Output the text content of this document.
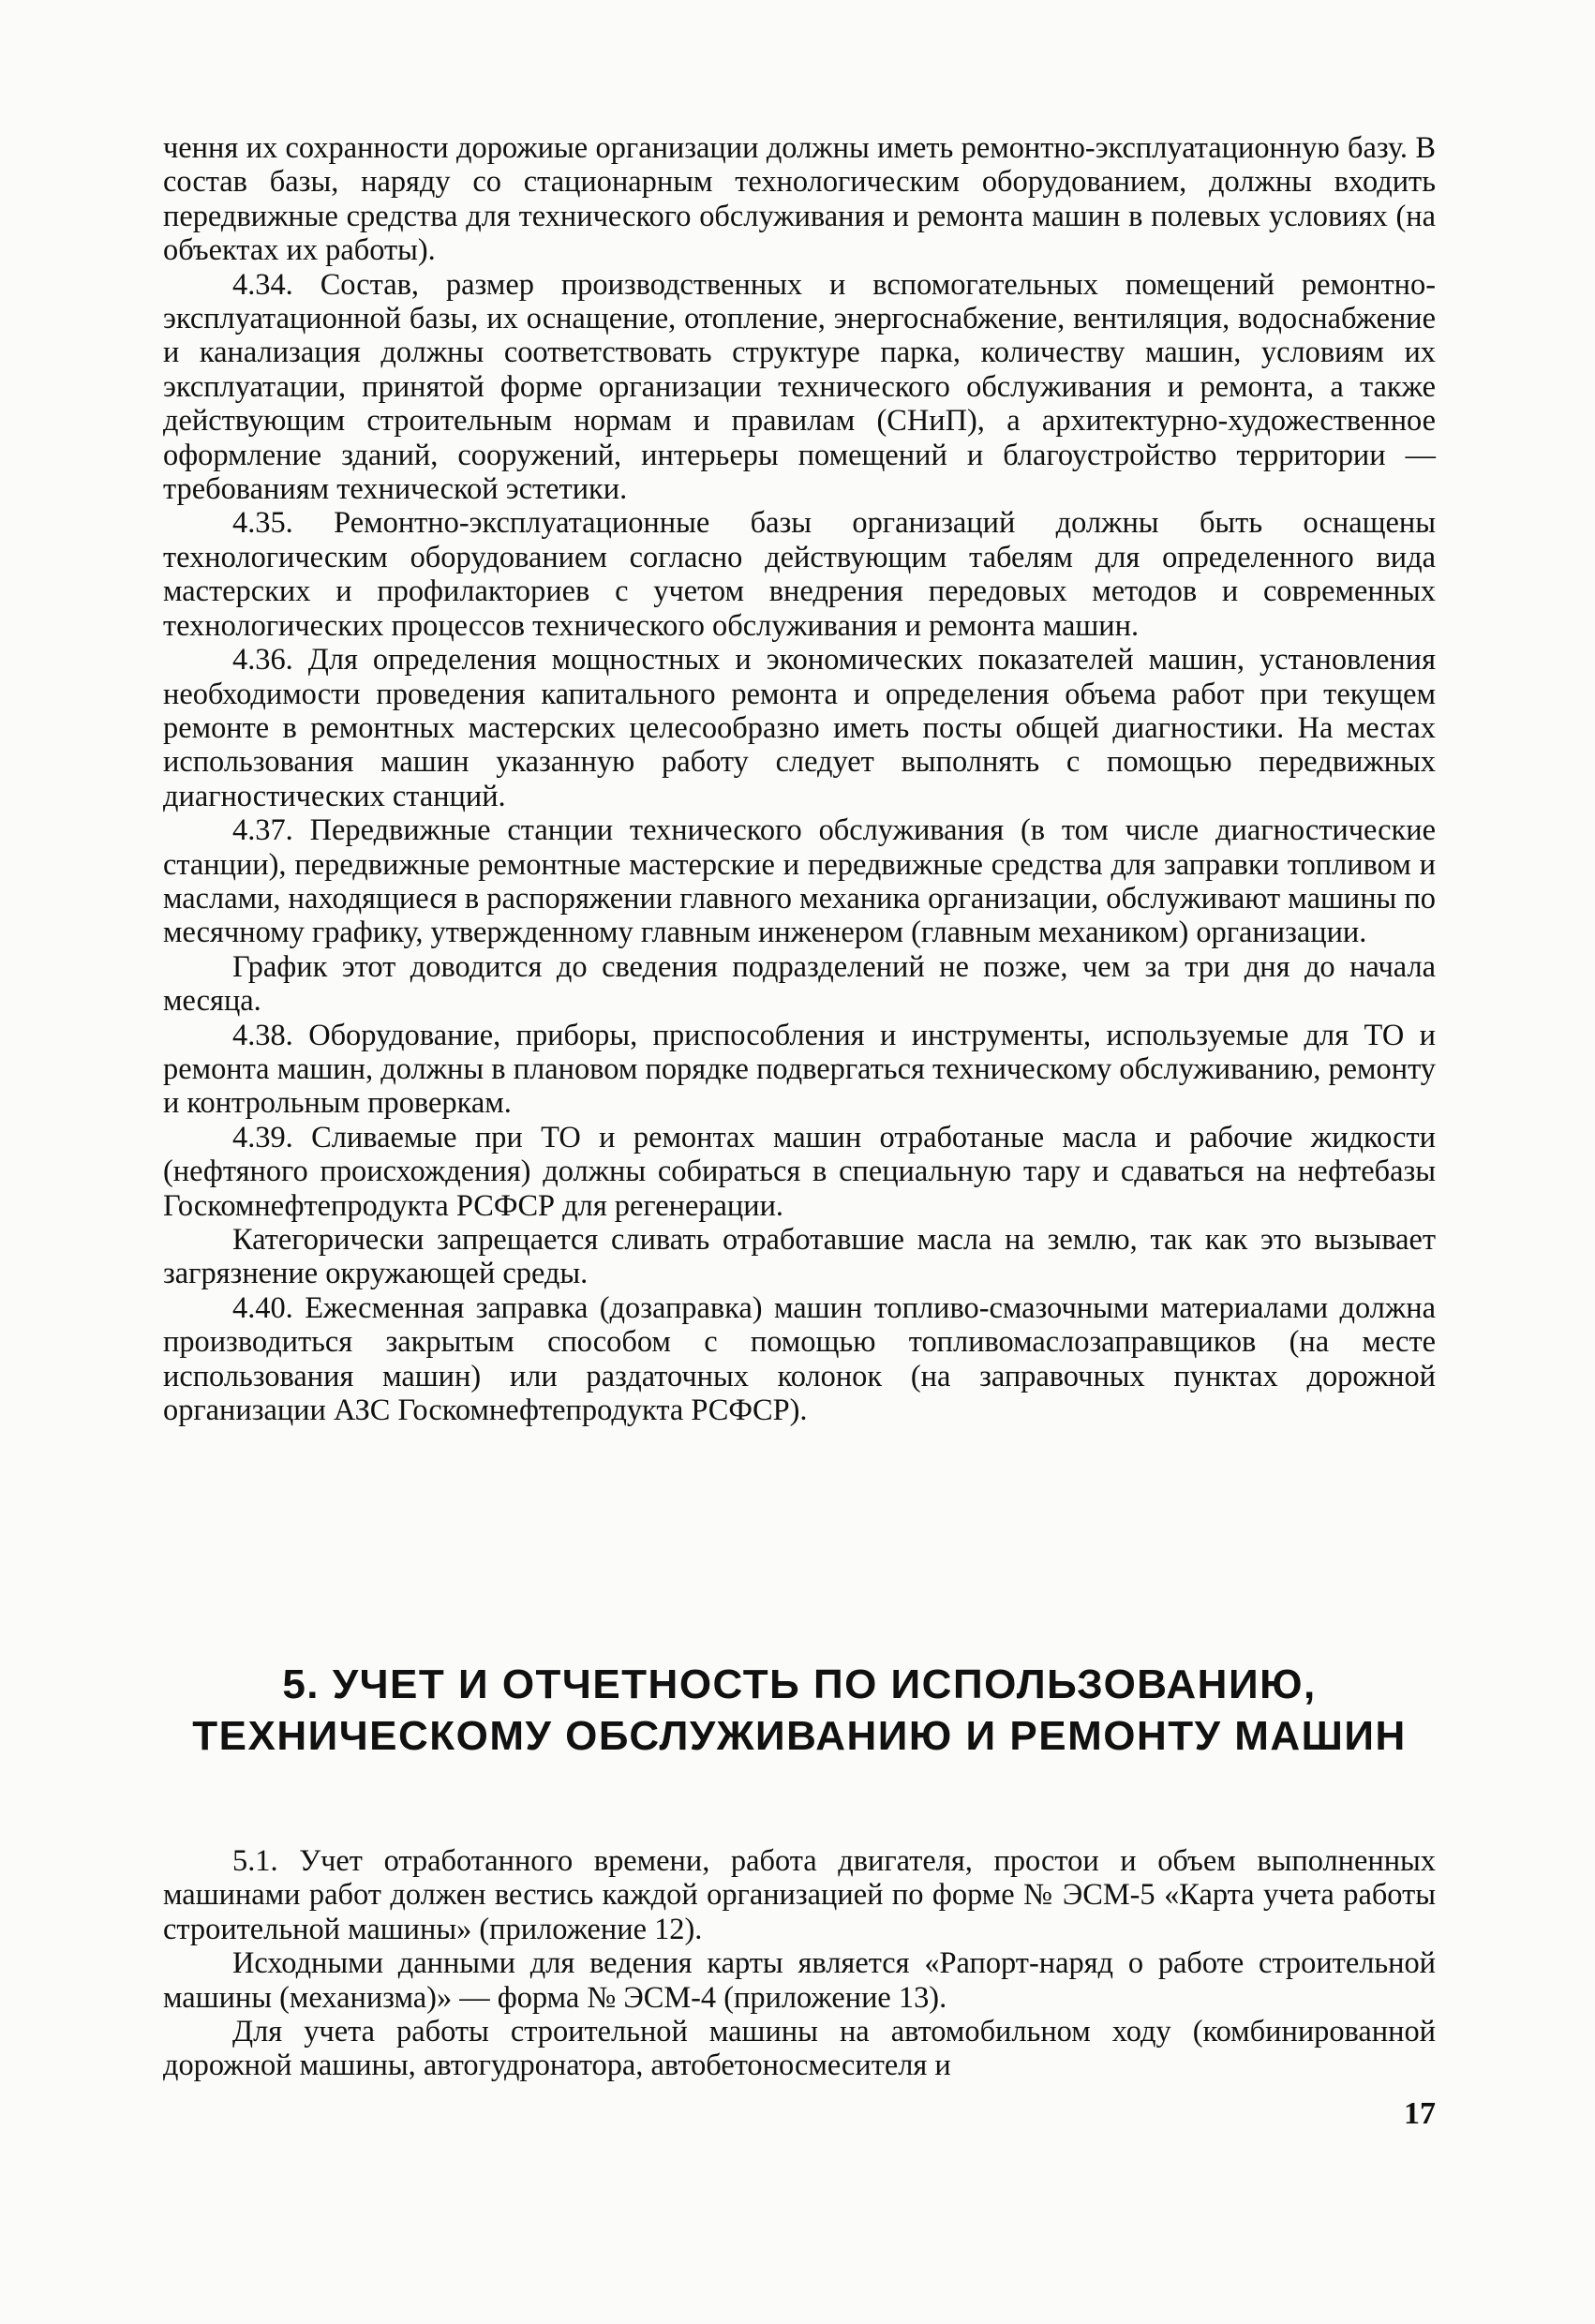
чення их сохранности дорожиые организации должны иметь ремонтно-эксплуатационную базу. В состав базы, наряду со стационарным технологическим оборудованием, должны входить передвижные средства для технического обслуживания и ремонта машин в полевых условиях (на объектах их работы).

4.34. Состав, размер производственных и вспомогательных помещений ремонтно-эксплуатационной базы, их оснащение, отопление, энергоснабжение, вентиляция, водоснабжение и канализация должны соответствовать структуре парка, количеству машин, условиям их эксплуатации, принятой форме организации технического обслуживания и ремонта, а также действующим строительным нормам и правилам (СНиП), а архитектурно-художественное оформление зданий, сооружений, интерьеры помещений и благоустройство территории — требованиям технической эстетики.

4.35. Ремонтно-эксплуатационные базы организаций должны быть оснащены технологическим оборудованием согласно действующим табелям для определенного вида мастерских и профилакториев с учетом внедрения передовых методов и современных технологических процессов технического обслуживания и ремонта машин.

4.36. Для определения мощностных и экономических показателей машин, установления необходимости проведения капитального ремонта и определения объема работ при текущем ремонте в ремонтных мастерских целесообразно иметь посты общей диагностики. На местах использования машин указанную работу следует выполнять с помощью передвижных диагностических станций.

4.37. Передвижные станции технического обслуживания (в том числе диагностические станции), передвижные ремонтные мастерские и передвижные средства для заправки топливом и маслами, находящиеся в распоряжении главного механика организации, обслуживают машины по месячному графику, утвержденному главным инженером (главным механиком) организации.

График этот доводится до сведения подразделений не позже, чем за три дня до начала месяца.

4.38. Оборудование, приборы, приспособления и инструменты, используемые для ТО и ремонта машин, должны в плановом порядке подвергаться техническому обслуживанию, ремонту и контрольным проверкам.

4.39. Сливаемые при ТО и ремонтах машин отработаные масла и рабочие жидкости (нефтяного происхождения) должны собираться в специальную тару и сдаваться на нефтебазы Госкомнефтепродукта РСФСР для регенерации.

Категорически запрещается сливать отработавшие масла на землю, так как это вызывает загрязнение окружающей среды.

4.40. Ежесменная заправка (дозаправка) машин топливо-смазочными материалами должна производиться закрытым способом с помощью топливомаслозаправщиков (на месте использования машин) или раздаточных колонок (на заправочных пунктах дорожной организации АЗС Госкомнефтепродукта РСФСР).

5. УЧЕТ И ОТЧЕТНОСТЬ ПО ИСПОЛЬЗОВАНИЮ, ТЕХНИЧЕСКОМУ ОБСЛУЖИВАНИЮ И РЕМОНТУ МАШИН

5.1. Учет отработанного времени, работа двигателя, простои и объем выполненных машинами работ должен вестись каждой организацией по форме № ЭСМ-5 «Карта учета работы строительной машины» (приложение 12).

Исходными данными для ведения карты является «Рапорт-наряд о работе строительной машины (механизма)» — форма № ЭСМ-4 (приложение 13).

Для учета работы строительной машины на автомобильном ходу (комбинированной дорожной машины, автогудронатора, автобетоносмесителя и

17
